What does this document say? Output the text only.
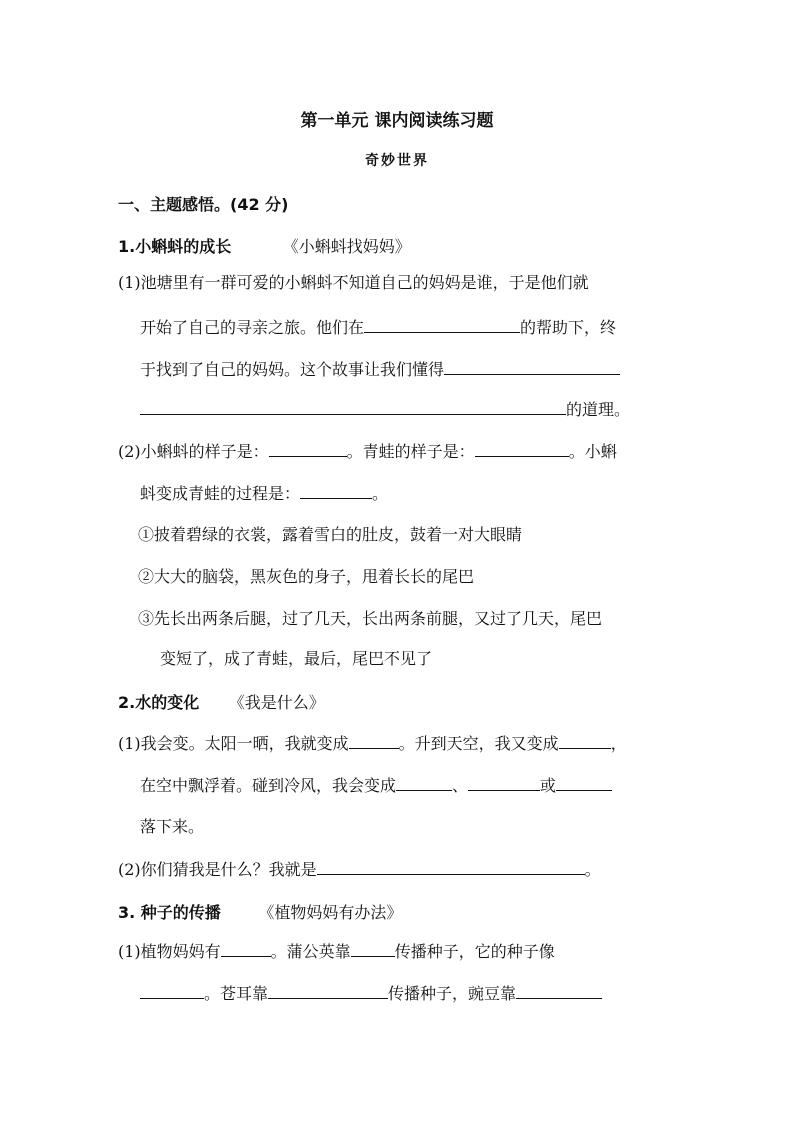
第一单元 课内阅读练习题
奇妙世界
一、主题感悟。(42 分)
1.小蝌蚪的成长	《小蝌蚪找妈妈》
(1)池塘里有一群可爱的小蝌蚪不知道自己的妈妈是谁，于是他们就
开始了自己的寻亲之旅。他们在	的帮助下，终
于找到了自己的妈妈。这个故事让我们懂得
的道理。
(2)小蝌蚪的样子是：	。青蛙的样子是：	。小蝌
蚪变成青蛙的过程是：	。
①披着碧绿的衣裳，露着雪白的肚皮，鼓着一对大眼睛
②大大的脑袋，黑灰色的身子，甩着长长的尾巴
③先长出两条后腿，过了几天，长出两条前腿，又过了几天，尾巴
变短了，成了青蛙，最后，尾巴不见了
2.水的变化 《我是什么》
(1)我会变。太阳一晒，我就变成	。升到天空，我又变成	，
在空中飘浮着。碰到冷风，我会变成	、	或
落下来。
(2)你们猜我是什么？我就是	。
3. 种子的传播 《植物妈妈有办法》
(1)植物妈妈有	。蒲公英靠	传播种子，它的种子像
。苍耳靠	传播种子，豌豆靠
